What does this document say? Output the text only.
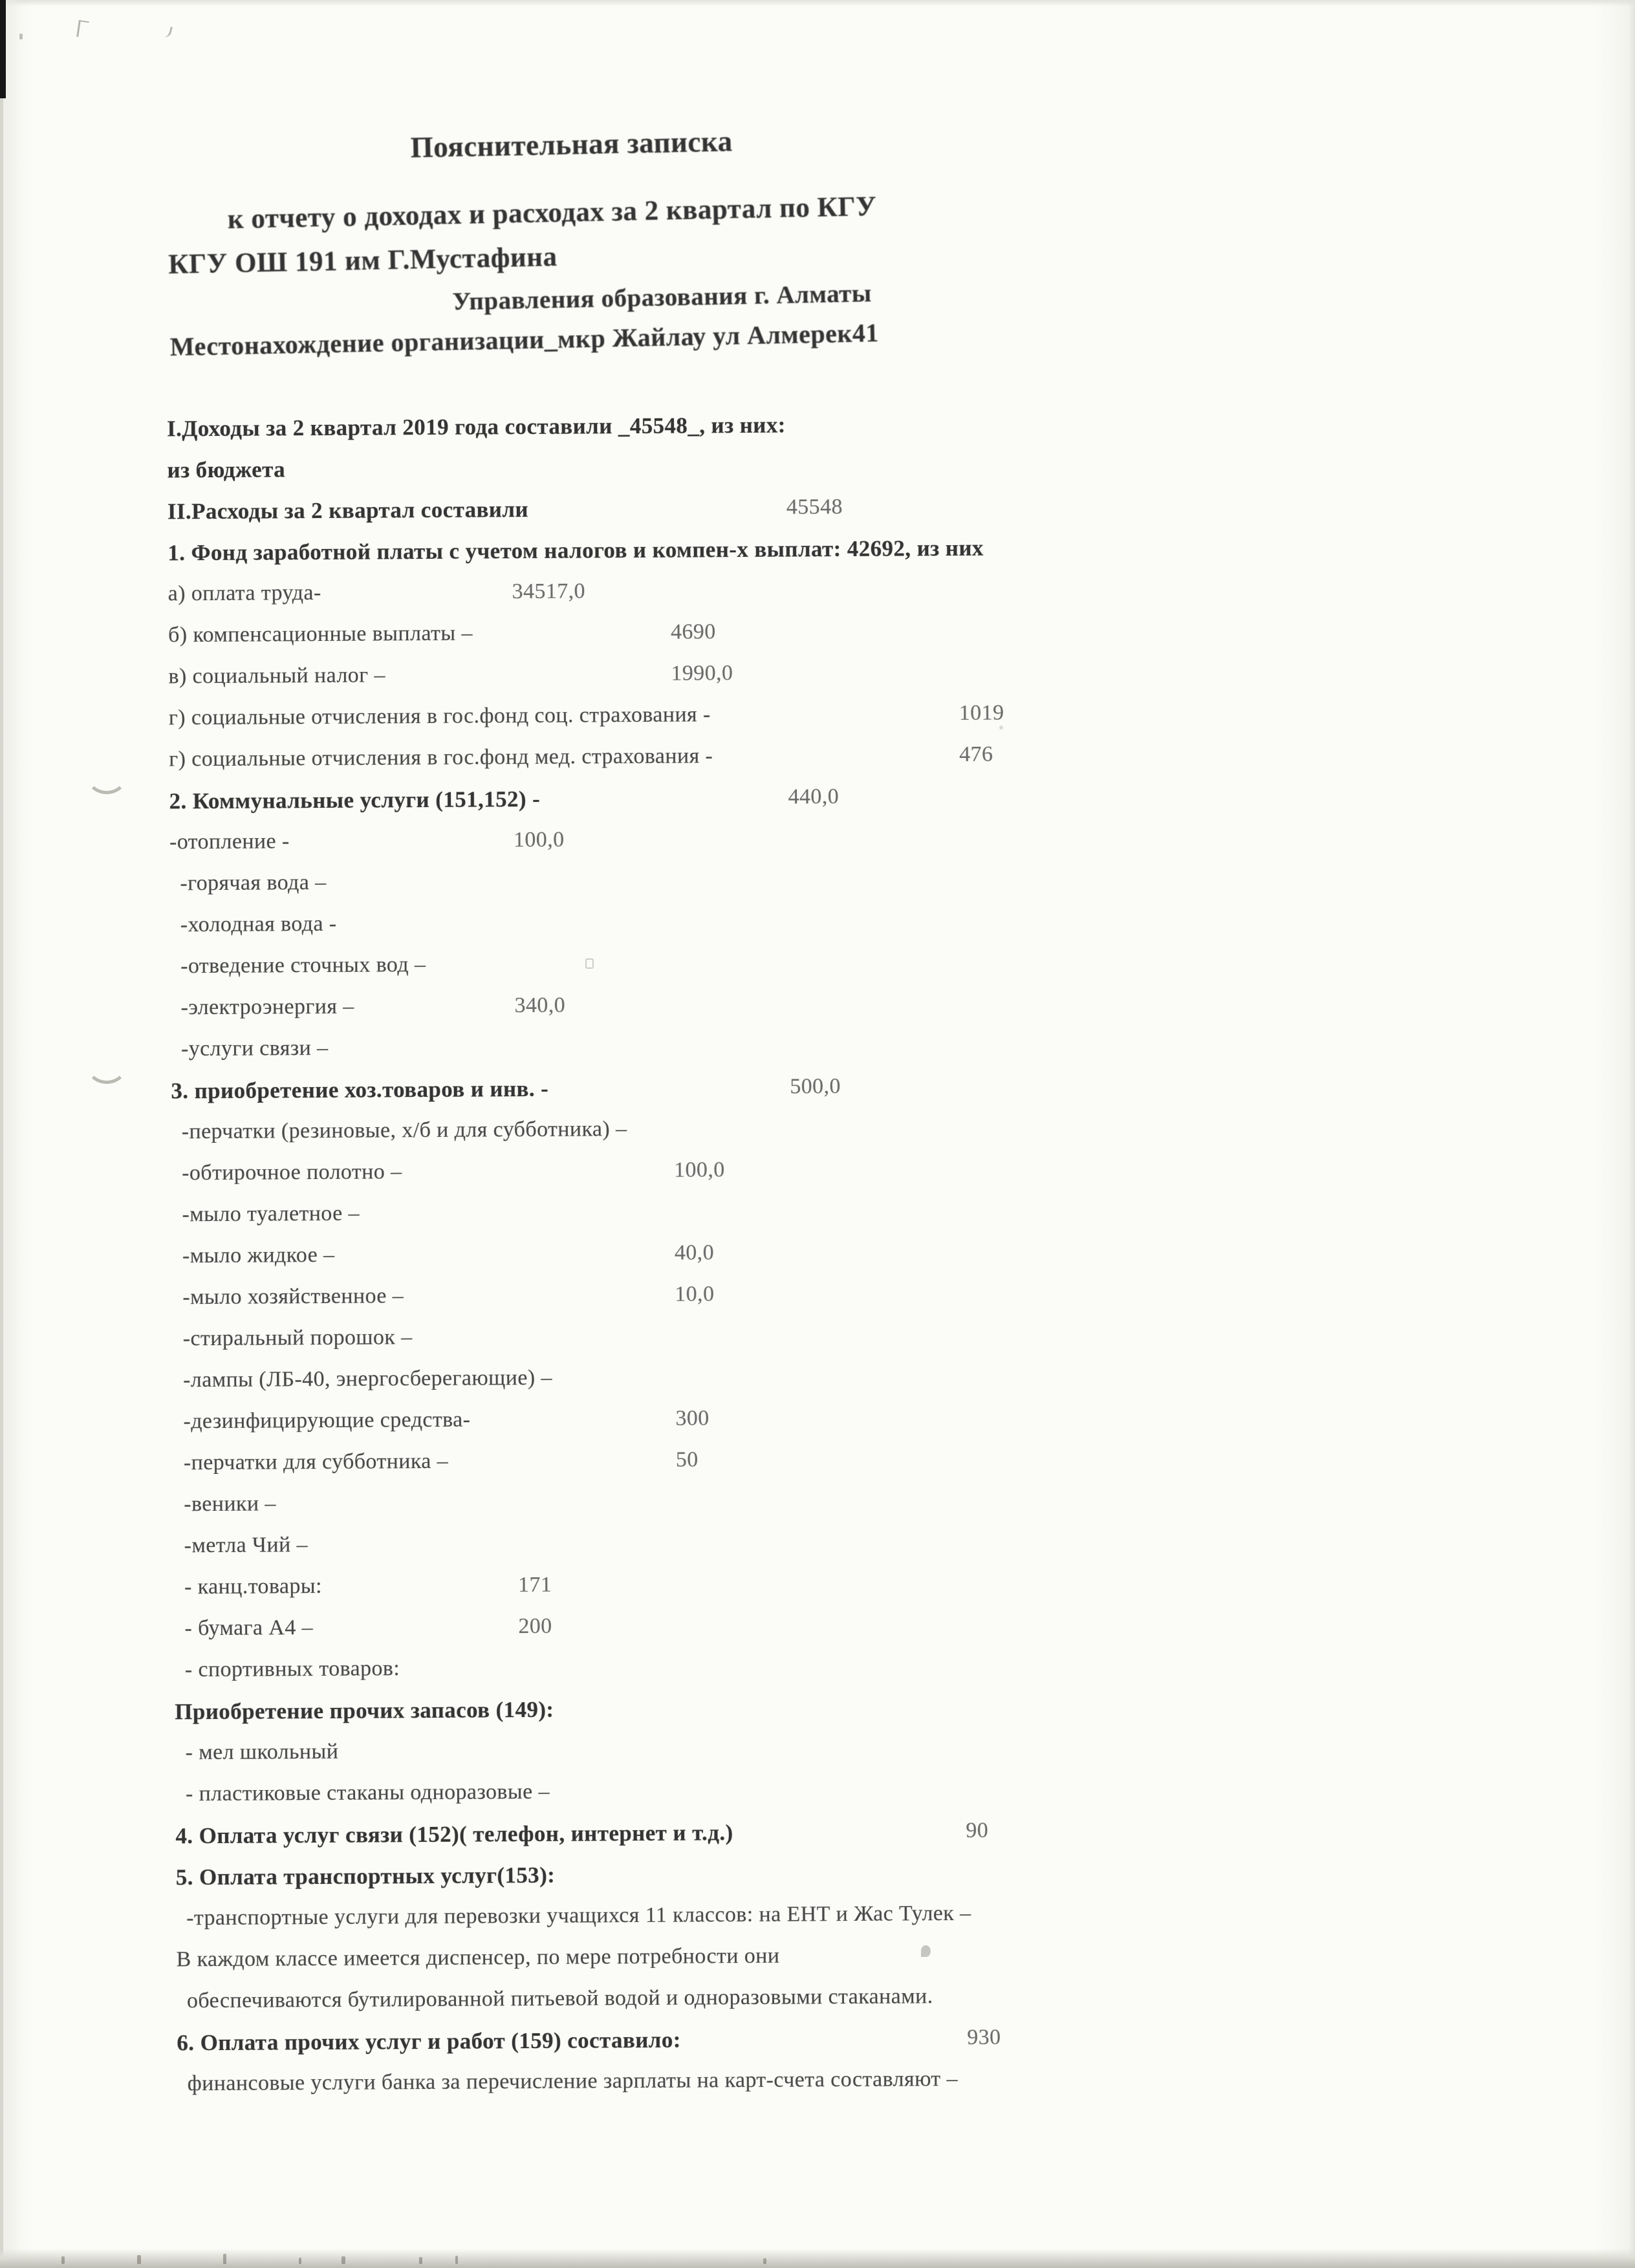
Пояснительная записка
к отчету о доходах и расходах за 2 квартал по КГУ
КГУ ОШ 191 им Г.Мустафина
Управления образования г. Алматы
Местонахождение организации_мкр Жайлау ул Алмерек41
I.Доходы за 2 квартал 2019 года составили _45548_, из них:
из бюджета
II.Расходы за 2 квартал составили	45548
1. Фонд заработной платы с учетом налогов и компен-х выплат: 42692, из них
а) оплата труда-	34517,0
б) компенсационные выплаты –	4690
в) социальный налог –	1990,0
г) социальные отчисления в гос.фонд соц. страхования -	1019
г) социальные отчисления в гос.фонд мед. страхования -	476
2. Коммунальные услуги (151,152) -	440,0
-отопление -	100,0
-горячая вода –
-холодная вода -
-отведение сточных вод –
-электроэнергия –	340,0
-услуги связи –
3. приобретение хоз.товаров и инв. -	500,0
-перчатки (резиновые, х/б и для субботника) –
-обтирочное полотно –	100,0
-мыло туалетное –
-мыло жидкое –	40,0
-мыло хозяйственное –	10,0
-стиральный порошок –
-лампы (ЛБ-40, энергосберегающие) –
-дезинфицирующие средства-	300
-перчатки для субботника –	50
-веники –
-метла Чий –
- канц.товары:	171
- бумага А4 –	200
- спортивных товаров:
Приобретение прочих запасов (149):
- мел школьный
- пластиковые стаканы одноразовые –
4. Оплата услуг связи (152)( телефон, интернет и т.д.)	90
5. Оплата транспортных услуг(153):
-транспортные услуги для перевозки учащихся 11 классов: на ЕНТ и Жас Тулек –
В каждом классе имеется диспенсер, по мере потребности они
обеспечиваются бутилированной питьевой водой и одноразовыми стаканами.
6. Оплата прочих услуг и работ (159) составило:	930
финансовые услуги банка за перечисление зарплаты на карт-счета составляют –
